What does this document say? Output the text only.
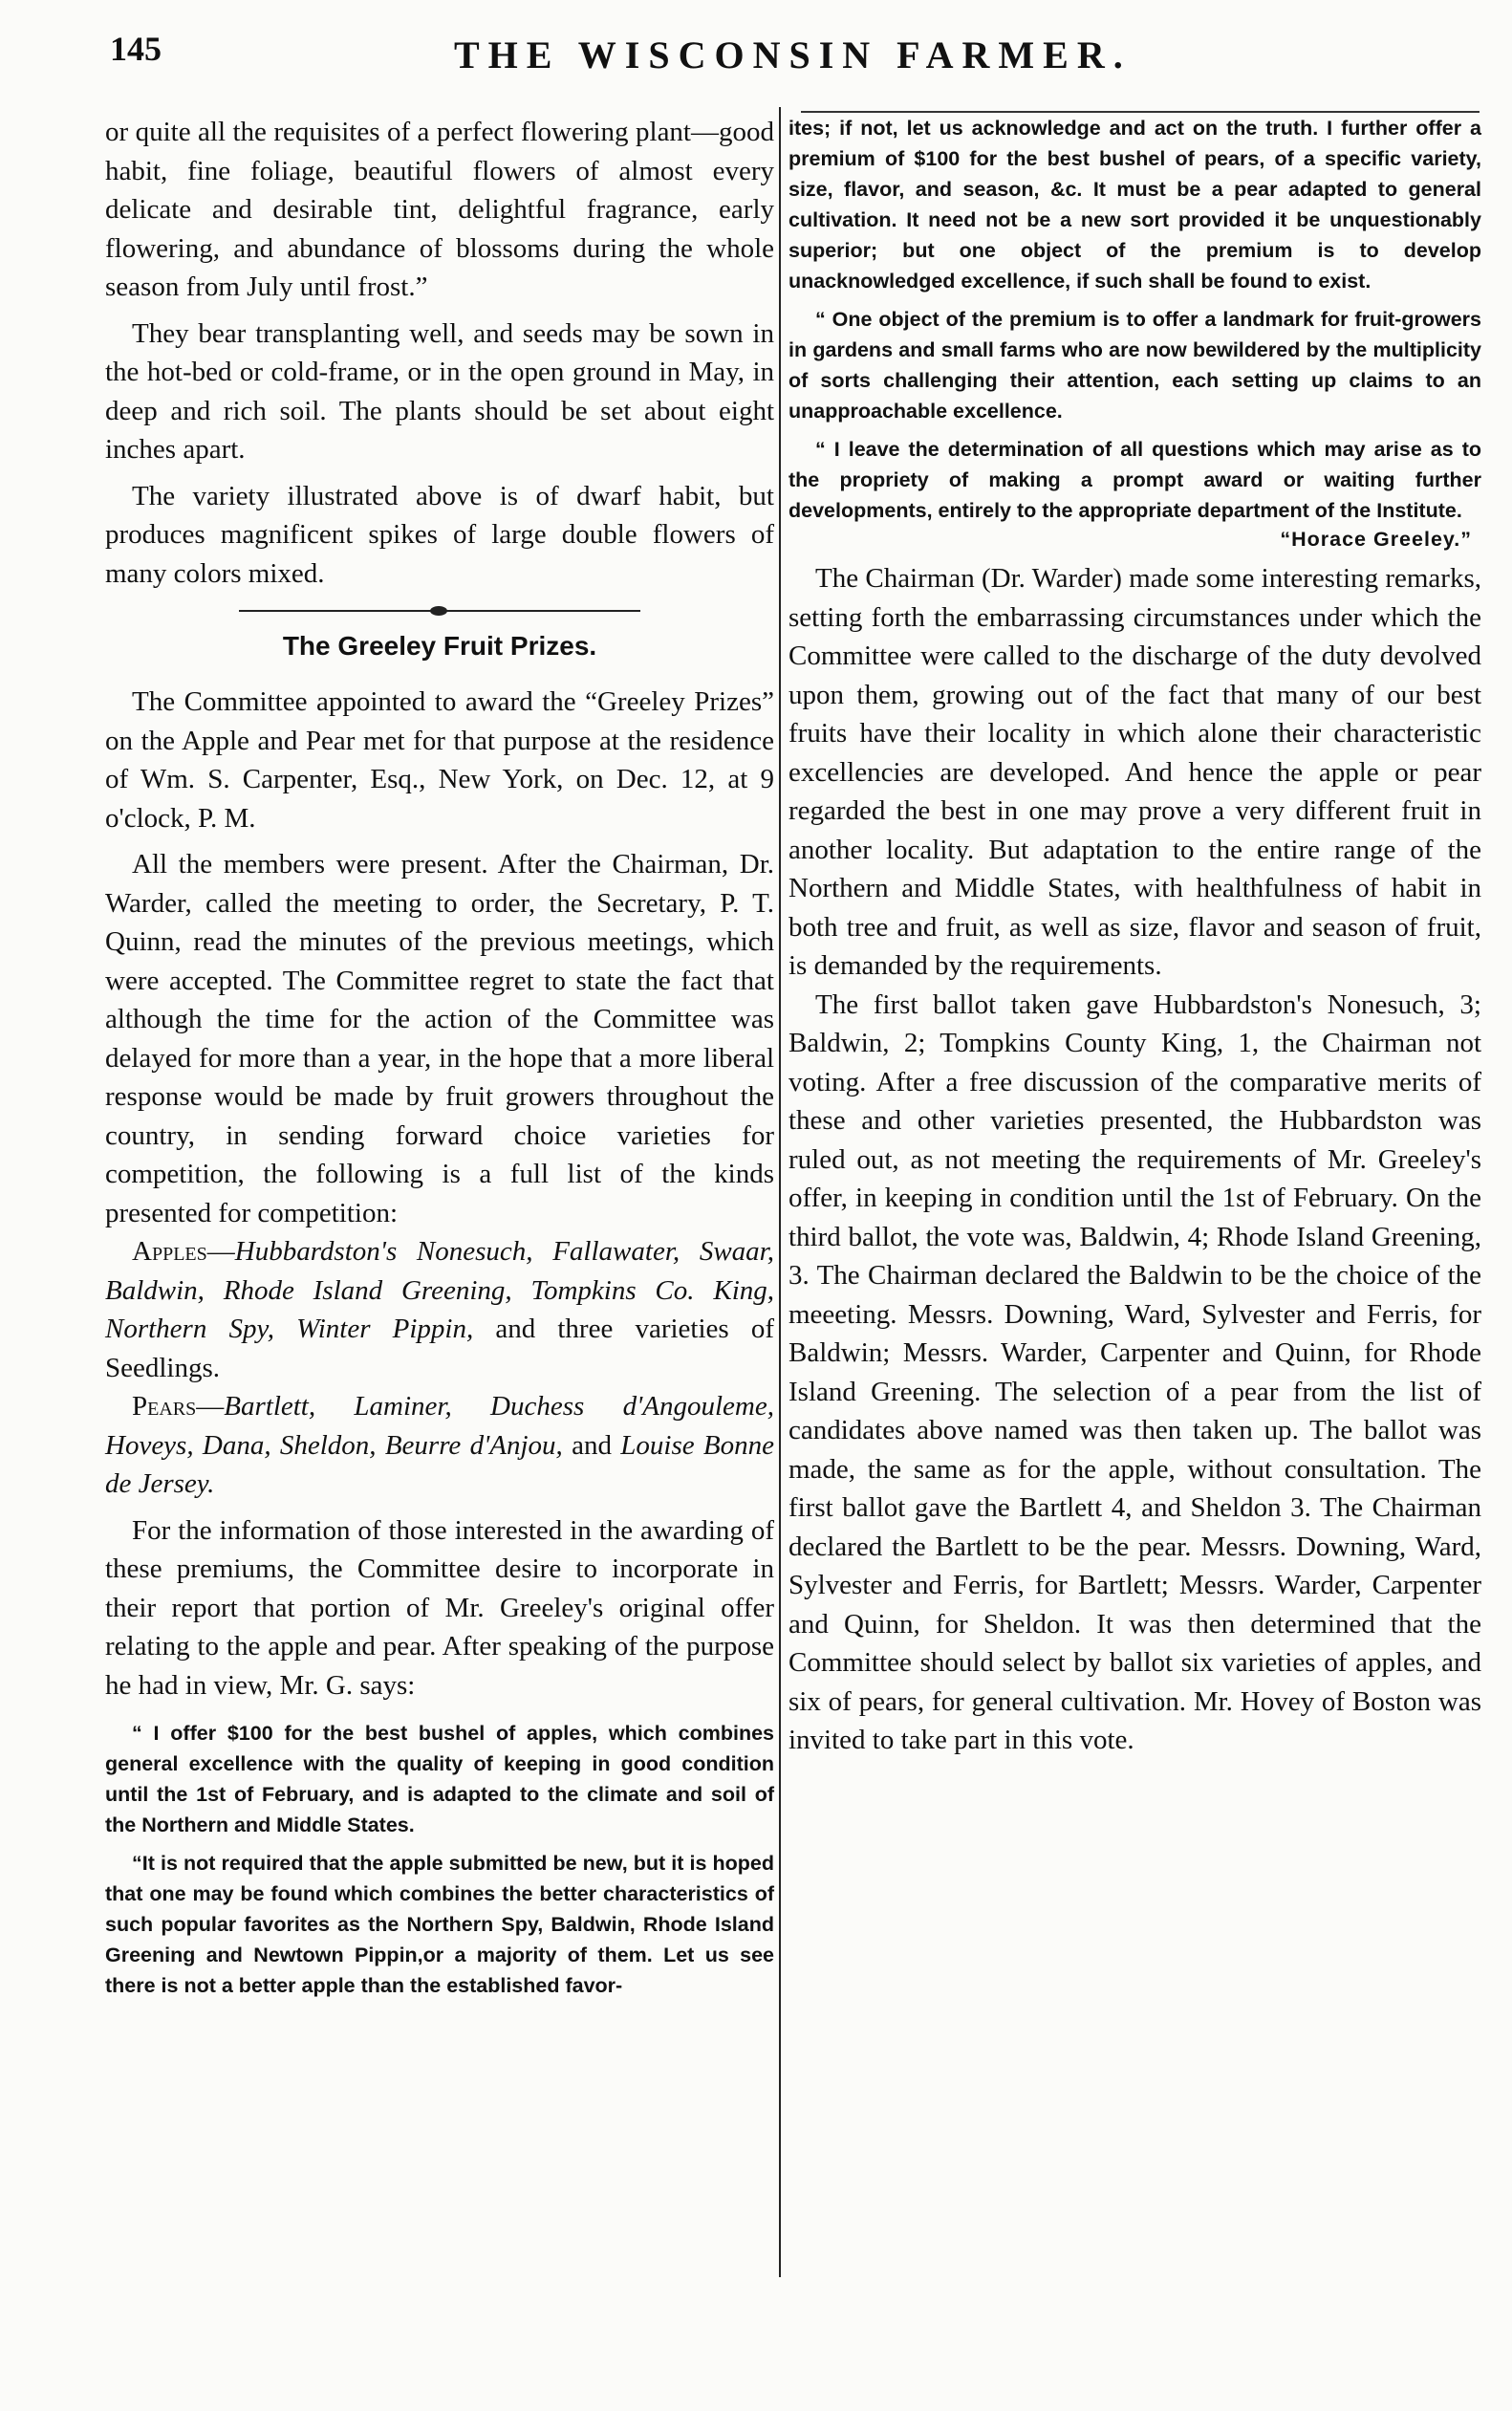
145	THE WISCONSIN FARMER.

or quite all the requisites of a perfect flowering plant—good habit, fine foliage, beautiful flowers of almost every delicate and desirable tint, delightful fragrance, early flowering, and abundance of blossoms during the whole season from July until frost.”

They bear transplanting well, and seeds may be sown in the hot-bed or cold-frame, or in the open ground in May, in deep and rich soil. The plants should be set about eight inches apart.

The variety illustrated above is of dwarf habit, but produces magnificent spikes of large double flowers of many colors mixed.

The Greeley Fruit Prizes.

The Committee appointed to award the “Greeley Prizes” on the Apple and Pear met for that purpose at the residence of Wm. S. Carpenter, Esq., New York, on Dec. 12, at 9 o'clock, P. M.

All the members were present. After the Chairman, Dr. Warder, called the meeting to order, the Secretary, P. T. Quinn, read the minutes of the previous meetings, which were accepted. The Committee regret to state the fact that although the time for the action of the Committee was delayed for more than a year, in the hope that a more liberal response would be made by fruit growers throughout the country, in sending forward choice varieties for competition, the following is a full list of the kinds presented for competition:

Apples—Hubbardston's Nonesuch, Fallawater, Swaar, Baldwin, Rhode Island Greening, Tompkins Co. King, Northern Spy, Winter Pippin, and three varieties of Seedlings.

Pears—Bartlett, Laminer, Duchess d'Angouleme, Hoveys, Dana, Sheldon, Beurre d'Anjou, and Louise Bonne de Jersey.

For the information of those interested in the awarding of these premiums, the Committee desire to incorporate in their report that portion of Mr. Greeley's original offer relating to the apple and pear. After speaking of the purpose he had in view, Mr. G. says:

“ I offer $100 for the best bushel of apples, which combines general excellence with the quality of keeping in good condition until the 1st of February, and is adapted to the climate and soil of the Northern and Middle States.

“It is not required that the apple submitted be new, but it is hoped that one may be found which combines the better characteristics of such popular favorites as the Northern Spy, Baldwin, Rhode Island Greening and Newtown Pippin,or a majority of them. Let us see there is not a better apple than the established favor-

ites; if not, let us acknowledge and act on the truth. I further offer a premium of $100 for the best bushel of pears, of a specific variety, size, flavor, and season, &c. It must be a pear adapted to general cultivation. It need not be a new sort provided it be unquestionably superior; but one object of the premium is to develop unacknowledged excellence, if such shall be found to exist.

“ One object of the premium is to offer a landmark for fruit-growers in gardens and small farms who are now bewildered by the multiplicity of sorts challenging their attention, each setting up claims to an unapproachable excellence.

“ I leave the determination of all questions which may arise as to the propriety of making a prompt award or waiting further developments, entirely to the appropriate department of the Institute.

“Horace Greeley.”

The Chairman (Dr. Warder) made some interesting remarks, setting forth the embarrassing circumstances under which the Committee were called to the discharge of the duty devolved upon them, growing out of the fact that many of our best fruits have their locality in which alone their characteristic excellencies are developed. And hence the apple or pear regarded the best in one may prove a very different fruit in another locality. But adaptation to the entire range of the Northern and Middle States, with healthfulness of habit in both tree and fruit, as well as size, flavor and season of fruit, is demanded by the requirements.

The first ballot taken gave Hubbardston's Nonesuch, 3; Baldwin, 2; Tompkins County King, 1, the Chairman not voting. After a free discussion of the comparative merits of these and other varieties presented, the Hubbardston was ruled out, as not meeting the requirements of Mr. Greeley's offer, in keeping in condition until the 1st of February. On the third ballot, the vote was, Baldwin, 4; Rhode Island Greening, 3. The Chairman declared the Baldwin to be the choice of the meeeting. Messrs. Downing, Ward, Sylvester and Ferris, for Baldwin; Messrs. Warder, Carpenter and Quinn, for Rhode Island Greening. The selection of a pear from the list of candidates above named was then taken up. The ballot was made, the same as for the apple, without consultation. The first ballot gave the Bartlett 4, and Sheldon 3. The Chairman declared the Bartlett to be the pear. Messrs. Downing, Ward, Sylvester and Ferris, for Bartlett; Messrs. Warder, Carpenter and Quinn, for Sheldon. It was then determined that the Committee should select by ballot six varieties of apples, and six of pears, for general cultivation. Mr. Hovey of Boston was invited to take part in this vote.
